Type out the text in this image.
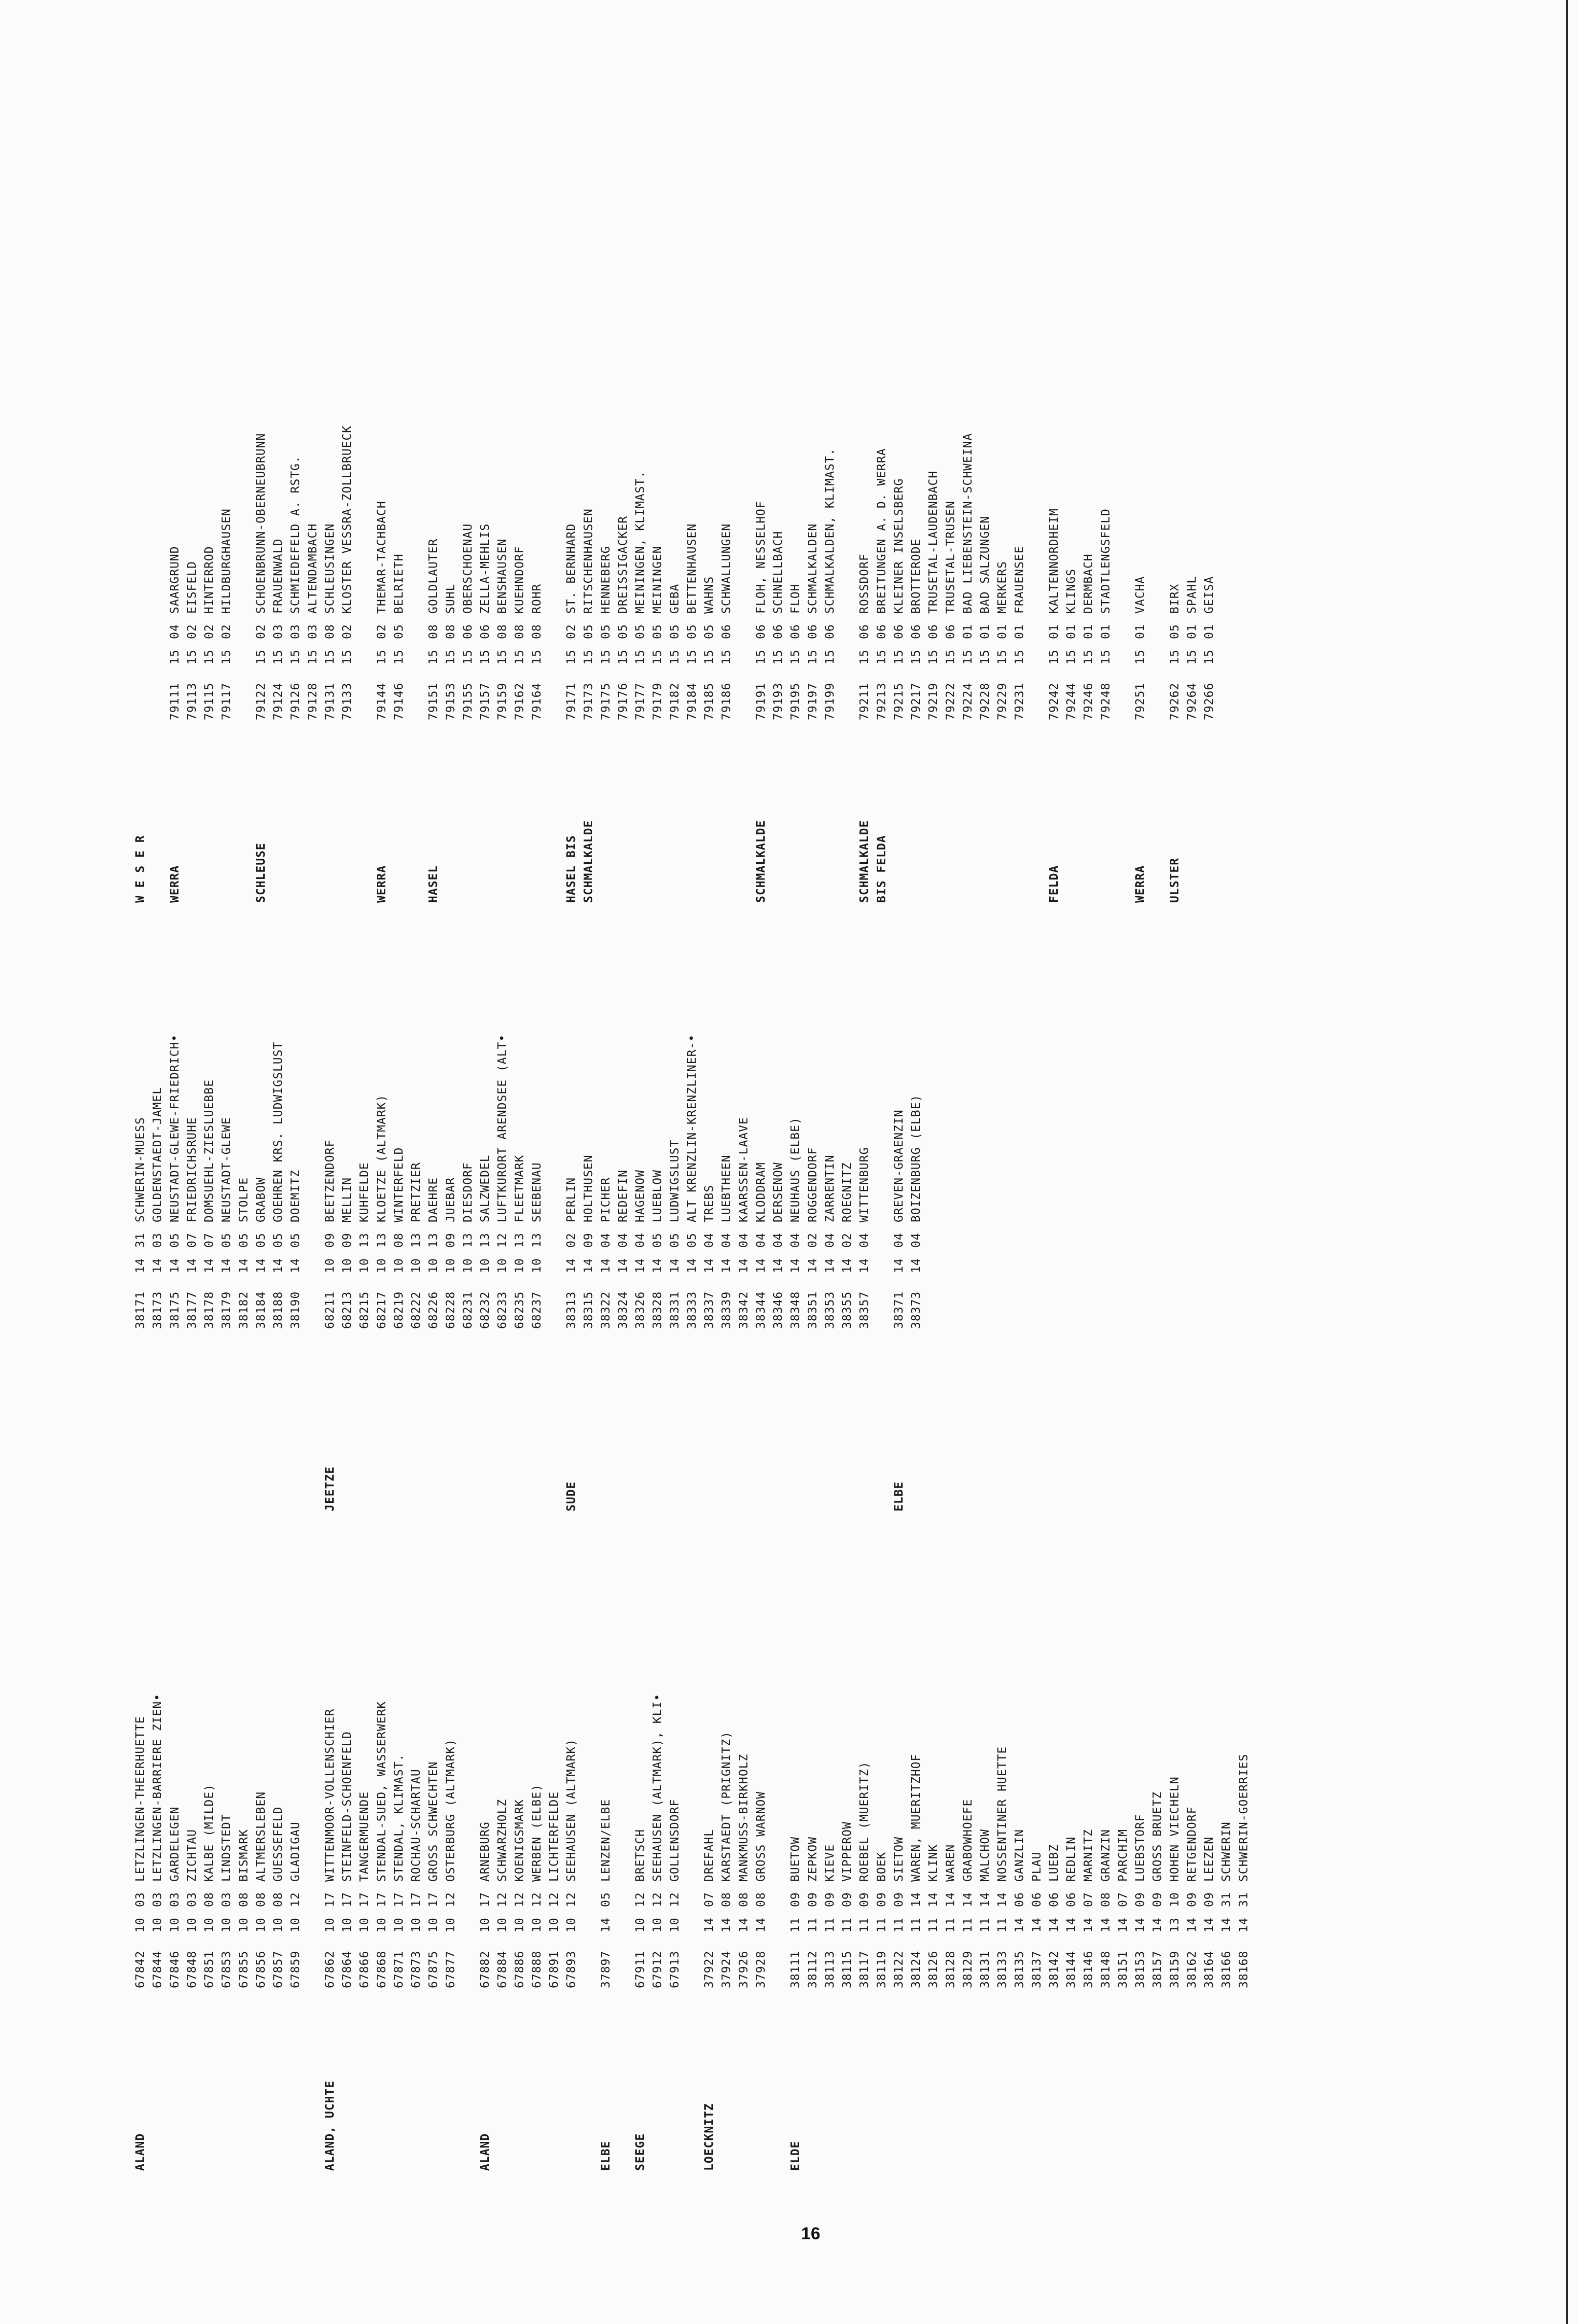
ALAND
67842
10
03
LETZLINGEN-THEERHUETTE
67844
10
03
LETZLINGEN-BARRIERE ZIEN•
67846
10
03
GARDELEGEN
67848
10
03
ZICHTAU
67851
10
08
KALBE (MILDE)
67853
10
03
LINDSTEDT
67855
10
08
BISMARK
67856
10
08
ALTMERSLEBEN
67857
10
08
GUESSEFELD
67859
10
12
GLADIGAU
ALAND, UCHTE
67862
10
17
WITTENMOOR-VOLLENSCHIER
67864
10
17
STEINFELD-SCHOENFELD
67866
10
17
TANGERMUENDE
67868
10
17
STENDAL-SUED, WASSERWERK
67871
10
17
STENDAL, KLIMAST.
67873
10
17
ROCHAU-SCHARTAU
67875
10
17
GROSS SCHWECHTEN
67877
10
12
OSTERBURG (ALTMARK)
ALAND
67882
10
17
ARNEBURG
67884
10
12
SCHWARZHOLZ
67886
10
12
KOENIGSMARK
67888
10
12
WERBEN (ELBE)
67891
10
12
LICHTERFELDE
67893
10
12
SEEHAUSEN (ALTMARK)
ELBE
37897
14
05
LENZEN/ELBE
SEEGE
67911
10
12
BRETSCH
67912
10
12
SEEHAUSEN (ALTMARK), KLI•
67913
10
12
GOLLENSDORF
LOECKNITZ
37922
14
07
DREFAHL
37924
14
08
KARSTAEDT (PRIGNITZ)
37926
14
08
MANKMUSS-BIRKHOLZ
37928
14
08
GROSS WARNOW
ELDE
38111
11
09
BUETOW
38112
11
09
ZEPKOW
38113
11
09
KIEVE
38115
11
09
VIPPEROW
38117
11
09
ROEBEL (MUERITZ)
38119
11
09
BOEK
38122
11
09
SIETOW
38124
11
14
WAREN, MUERITZHOF
38126
11
14
KLINK
38128
11
14
WAREN
38129
11
14
GRABOWHOEFE
38131
11
14
MALCHOW
38133
11
14
NOSSENTINER HUETTE
38135
14
06
GANZLIN
38137
14
06
PLAU
38142
14
06
LUEBZ
38144
14
06
REDLIN
38146
14
07
MARNITZ
38148
14
08
GRANZIN
38151
14
07
PARCHIM
38153
14
09
LUEBSTORF
38157
14
09
GROSS BRUETZ
38159
13
10
HOHEN VIECHELN
38162
14
09
RETGENDORF
38164
14
09
LEEZEN
38166
14
31
SCHWERIN
38168
14
31
SCHWERIN-GOERRIES
38171
14
31
SCHWERIN-MUESS
38173
14
03
GOLDENSTAEDT-JAMEL
38175
14
05
NEUSTADT-GLEWE-FRIEDRICH•
38177
14
07
FRIEDRICHSRUHE
38178
14
07
DOMSUEHL-ZIESLUEBBE
38179
14
05
NEUSTADT-GLEWE
38182
14
05
STOLPE
38184
14
05
GRABOW
38188
14
05
GOEHREN KRS. LUDWIGSLUST
38190
14
05
DOEMITZ
JEETZE
68211
10
09
BEETZENDORF
68213
10
09
MELLIN
68215
10
13
KUHFELDE
68217
10
13
KLOETZE (ALTMARK)
68219
10
08
WINTERFELD
68222
10
13
PRETZIER
68226
10
13
DAEHRE
68228
10
09
JUEBAR
68231
10
13
DIESDORF
68232
10
13
SALZWEDEL
68233
10
12
LUFTKURORT ARENDSEE (ALT•
68235
10
13
FLEETMARK
68237
10
13
SEEBENAU
SUDE
38313
14
02
PERLIN
38315
14
09
HOLTHUSEN
38322
14
04
PICHER
38324
14
04
REDEFIN
38326
14
04
HAGENOW
38328
14
05
LUEBLOW
38331
14
05
LUDWIGSLUST
38333
14
05
ALT KRENZLIN-KRENZLINER-•
38337
14
04
TREBS
38339
14
04
LUEBTHEEN
38342
14
04
KAARSSEN-LAAVE
38344
14
04
KLODDRAM
38346
14
04
DERSENOW
38348
14
04
NEUHAUS (ELBE)
38351
14
02
ROGGENDORF
38353
14
04
ZARRENTIN
38355
14
02
ROEGNITZ
38357
14
04
WITTENBURG
ELBE
38371
14
04
GREVEN-GRAENZIN
38373
14
04
BOIZENBURG (ELBE)
W E S E R WERRA
79111
15
04
SAARGRUND
79113
15
02
EISFELD
79115
15
02
HINTERROD
79117
15
02
HILDBURGHAUSEN
SCHLEUSE
79122
15
02
SCHOENBRUNN-OBERNEUBRUNN
79124
15
03
FRAUENWALD
79126
15
03
SCHMIEDEFELD A. RSTG.
79128
15
03
ALTENDAMBACH
79131
15
08
SCHLEUSINGEN
79133
15
02
KLOSTER VESSRA-ZOLLBRUECK
WERRA
79144
15
02
THEMAR-TACHBACH
79146
15
05
BELRIETH
HASEL
79151
15
08
GOLDLAUTER
79153
15
08
SUHL
79155
15
06
OBERSCHOENAU
79157
15
06
ZELLA-MEHLIS
79159
15
08
BENSHAUSEN
79162
15
08
KUEHNDORF
79164
15
08
ROHR
HASEL BIS SCHMALKALDE
79171
15
02
ST. BERNHARD
79173
15
05
RITSCHENHAUSEN
79175
15
05
HENNEBERG
79176
15
05
DREISSIGACKER
79177
15
05
MEININGEN, KLIMAST.
79179
15
05
MEININGEN
79182
15
05
GEBA
79184
15
05
BETTENHAUSEN
79185
15
05
WAHNS
79186
15
06
SCHWALLUNGEN
SCHMALKALDE
79191
15
06
FLOH, NESSELHOF
79193
15
06
SCHNELLBACH
79195
15
06
FLOH
79197
15
06
SCHMALKALDEN
79199
15
06
SCHMALKALDEN, KLIMAST.
SCHMALKALDE BIS FELDA
79211
15
06
ROSSDORF
79213
15
06
BREITUNGEN A. D. WERRA
79215
15
06
KLEINER INSELSBERG
79217
15
06
BROTTERODE
79219
15
06
TRUSETAL-LAUDENBACH
79222
15
06
TRUSETAL-TRUSEN
79224
15
01
BAD LIEBENSTEIN-SCHWEINA
79228
15
01
BAD SALZUNGEN
79229
15
01
MERKERS
79231
15
01
FRAUENSEE
FELDA
79242
15
01
KALTENNORDHEIM
79244
15
01
KLINGS
79246
15
01
DERMBACH
79248
15
01
STADTLENGSFELD
WERRA
79251
15
01
VACHA
ULSTER
79262
15
05
BIRX
79264
15
01
SPAHL
79266
15
01
GEISA
16
